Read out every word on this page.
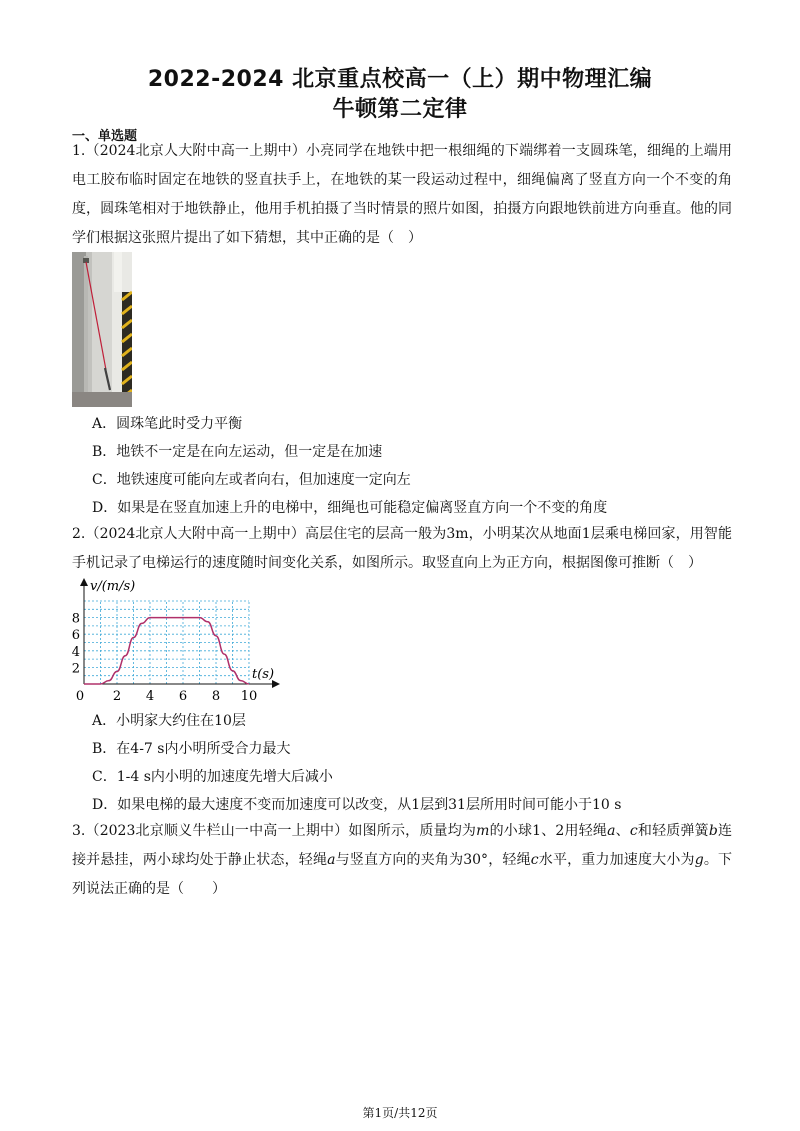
2022-2024 北京重点校高一（上）期中物理汇编
牛顿第二定律
一、单选题
1.（2024北京人大附中高一上期中）小亮同学在地铁中把一根细绳的下端绑着一支圆珠笔，细绳的上端用电工胶布临时固定在地铁的竖直扶手上，在地铁的某一段运动过程中，细绳偏离了竖直方向一个不变的角度，圆珠笔相对于地铁静止，他用手机拍摄了当时情景的照片如图，拍摄方向跟地铁前进方向垂直。他的同学们根据这张照片提出了如下猜想，其中正确的是（　）
A．圆珠笔此时受力平衡
B．地铁不一定是在向左运动，但一定是在加速
C．地铁速度可能向左或者向右，但加速度一定向左
D．如果是在竖直加速上升的电梯中，细绳也可能稳定偏离竖直方向一个不变的角度
2.（2024北京人大附中高一上期中）高层住宅的层高一般为3m，小明某次从地面1层乘电梯回家，用智能手机记录了电梯运行的速度随时间变化关系，如图所示。取竖直向上为正方向，根据图像可推断（　）
0 2 4 6 8 10
2
4
6
8
v/(m/s)
t(s)
A．小明家大约住在10层
B．在4-7 s内小明所受合力最大
C．1-4 s内小明的加速度先增大后减小
D．如果电梯的最大速度不变而加速度可以改变，从1层到31层所用时间可能小于10 s
3.（2023北京顺义牛栏山一中高一上期中）如图所示，质量均为m的小球1、2用轻绳a、c和轻质弹簧b连接并悬挂，两小球均处于静止状态，轻绳a与竖直方向的夹角为30°，轻绳c水平，重力加速度大小为g。下列说法正确的是（　　）
第1页/共12页
